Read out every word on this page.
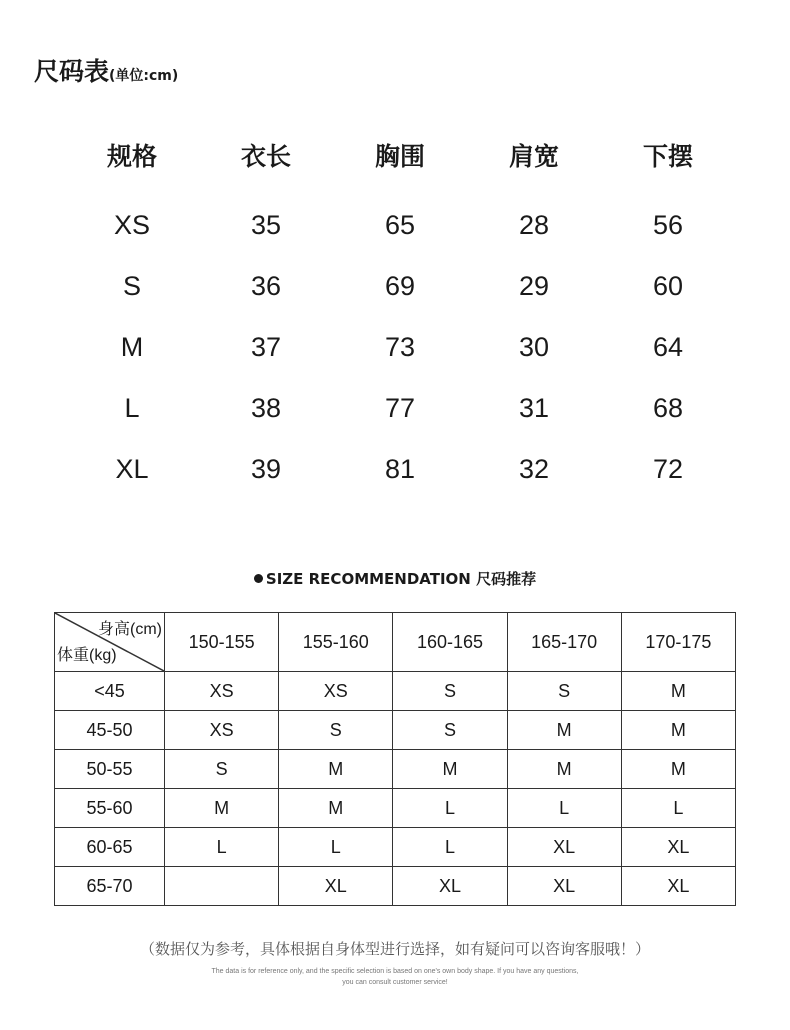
尺码表(单位:cm)
规格	衣长	胸围	肩宽	下摆
XS	35	65	28	56
S	36	69	29	60
M	37	73	30	64
L	38	77	31	68
XL	39	81	32	72
SIZE RECOMMENDATION 尺码推荐
身高(cm)
体重(kg)	150-155	155-160	160-165	165-170	170-175
<45	XS	XS	S	S	M
45-50	XS	S	S	M	M
50-55	S	M	M	M	M
55-60	M	M	L	L	L
60-65	L	L	L	XL	XL
65-70		XL	XL	XL	XL
（数据仅为参考，具体根据自身体型进行选择，如有疑问可以咨询客服哦！）
The data is for reference only, and the specific selection is based on one's own body shape. If you have any questions,
you can consult customer service!
